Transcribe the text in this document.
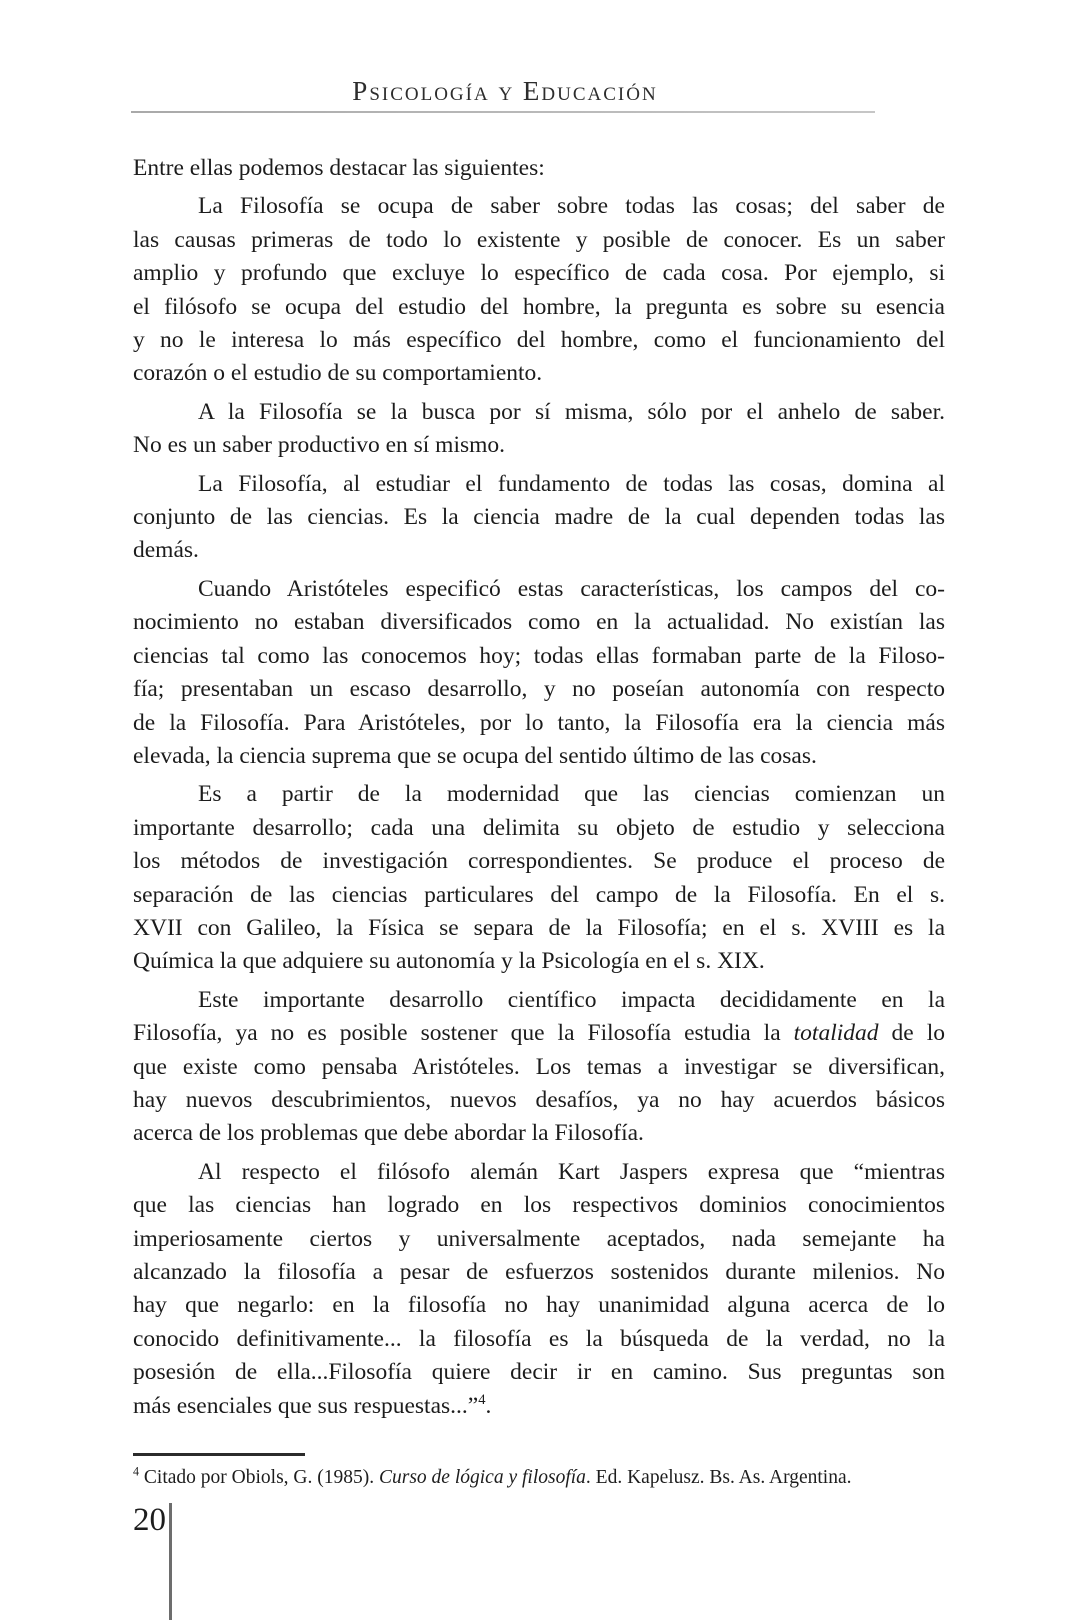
Psicología y Educación
Entre ellas podemos destacar las siguientes:
La Filosofía se ocupa de saber sobre todas las cosas; del saber de
las causas primeras de todo lo existente y posible de conocer. Es un saber
amplio y profundo que excluye lo específico de cada cosa. Por ejemplo, si
el filósofo se ocupa del estudio del hombre, la pregunta es sobre su esencia
y no le interesa lo más específico del hombre, como el funcionamiento del
corazón o el estudio de su comportamiento.
A la Filosofía se la busca por sí misma, sólo por el anhelo de saber.
No es un saber productivo en sí mismo.
La Filosofía, al estudiar el fundamento de todas las cosas, domina al
conjunto de las ciencias. Es la ciencia madre de la cual dependen todas las
demás.
Cuando Aristóteles especificó estas características, los campos del co-
nocimiento no estaban diversificados como en la actualidad. No existían las
ciencias tal como las conocemos hoy; todas ellas formaban parte de la Filoso-
fía; presentaban un escaso desarrollo, y no poseían autonomía con respecto
de la Filosofía. Para Aristóteles, por lo tanto, la Filosofía era la ciencia más
elevada, la ciencia suprema que se ocupa del sentido último de las cosas.
Es a partir de la modernidad que las ciencias comienzan un
importante desarrollo; cada una delimita su objeto de estudio y selecciona
los métodos de investigación correspondientes. Se produce el proceso de
separación de las ciencias particulares del campo de la Filosofía. En el s.
XVII con Galileo, la Física se separa de la Filosofía; en el s. XVIII es la
Química la que adquiere su autonomía y la Psicología en el s. XIX.
Este importante desarrollo científico impacta decididamente en la
Filosofía, ya no es posible sostener que la Filosofía estudia la totalidad de lo
que existe como pensaba Aristóteles. Los temas a investigar se diversifican,
hay nuevos descubrimientos, nuevos desafíos, ya no hay acuerdos básicos
acerca de los problemas que debe abordar la Filosofía.
Al respecto el filósofo alemán Kart Jaspers expresa que “mientras
que las ciencias han logrado en los respectivos dominios conocimientos
imperiosamente ciertos y universalmente aceptados, nada semejante ha
alcanzado la filosofía a pesar de esfuerzos sostenidos durante milenios. No
hay que negarlo: en la filosofía no hay unanimidad alguna acerca de lo
conocido definitivamente... la filosofía es la búsqueda de la verdad, no la
posesión de ella...Filosofía quiere decir ir en camino. Sus preguntas son
más esenciales que sus respuestas...”$^4$.
$^4$ Citado por Obiols, G. (1985). Curso de lógica y filosofía. Ed. Kapelusz. Bs. As. Argentina.
20
